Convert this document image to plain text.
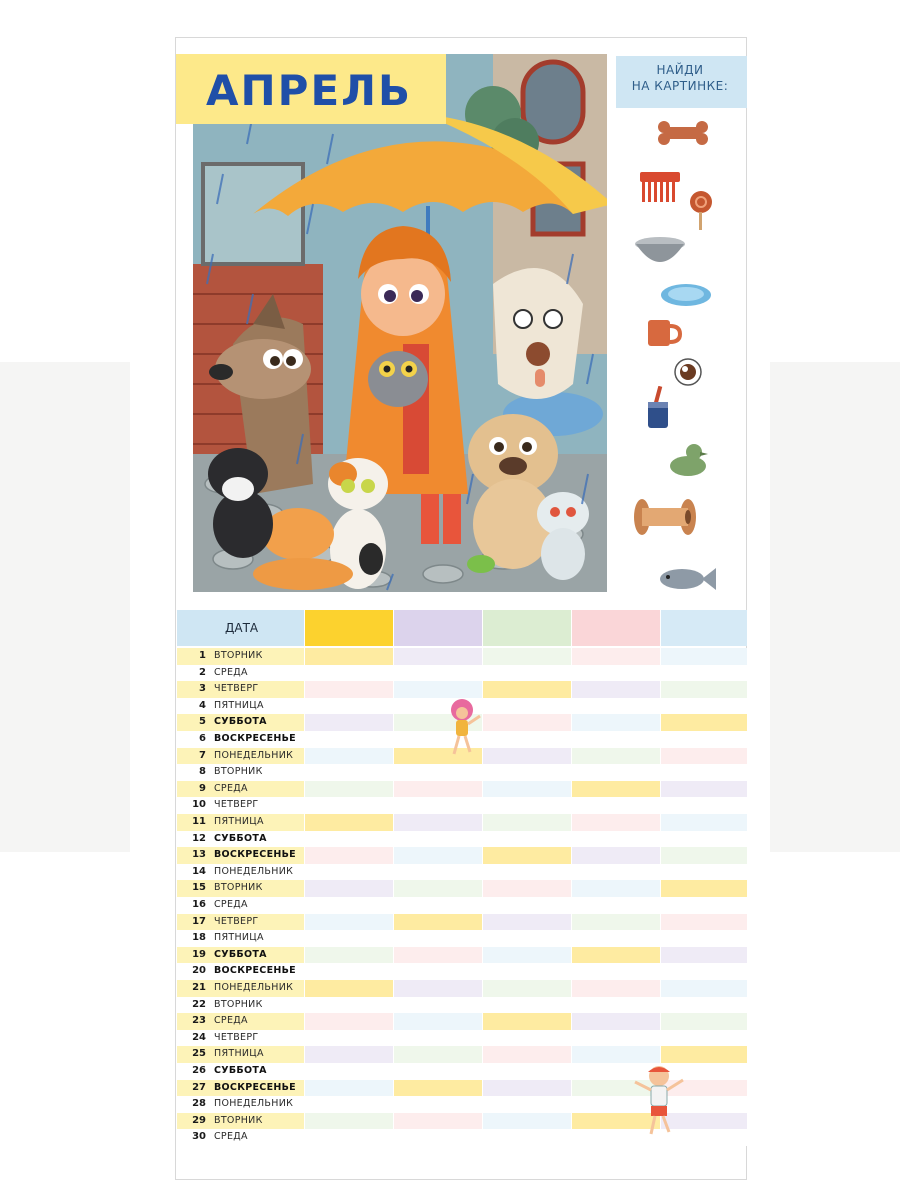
АПРЕЛЬ	НАЙДИ
НА КАРТИНКЕ:
ДАТА
1 ВТОРНИК
2 СРЕДА
3 ЧЕТВЕРГ
4 ПЯТНИЦА
5 СУББОТА
6 ВОСКРЕСЕНЬЕ
7 ПОНЕДЕЛЬНИК
8 ВТОРНИК
9 СРЕДА
10 ЧЕТВЕРГ
11 ПЯТНИЦА
12 СУББОТА
13 ВОСКРЕСЕНЬЕ
14 ПОНЕДЕЛЬНИК
15 ВТОРНИК
16 СРЕДА
17 ЧЕТВЕРГ
18 ПЯТНИЦА
19 СУББОТА
20 ВОСКРЕСЕНЬЕ
21 ПОНЕДЕЛЬНИК
22 ВТОРНИК
23 СРЕДА
24 ЧЕТВЕРГ
25 ПЯТНИЦА
26 СУББОТА
27 ВОСКРЕСЕНЬЕ
28 ПОНЕДЕЛЬНИК
29 ВТОРНИК
30 СРЕДА
